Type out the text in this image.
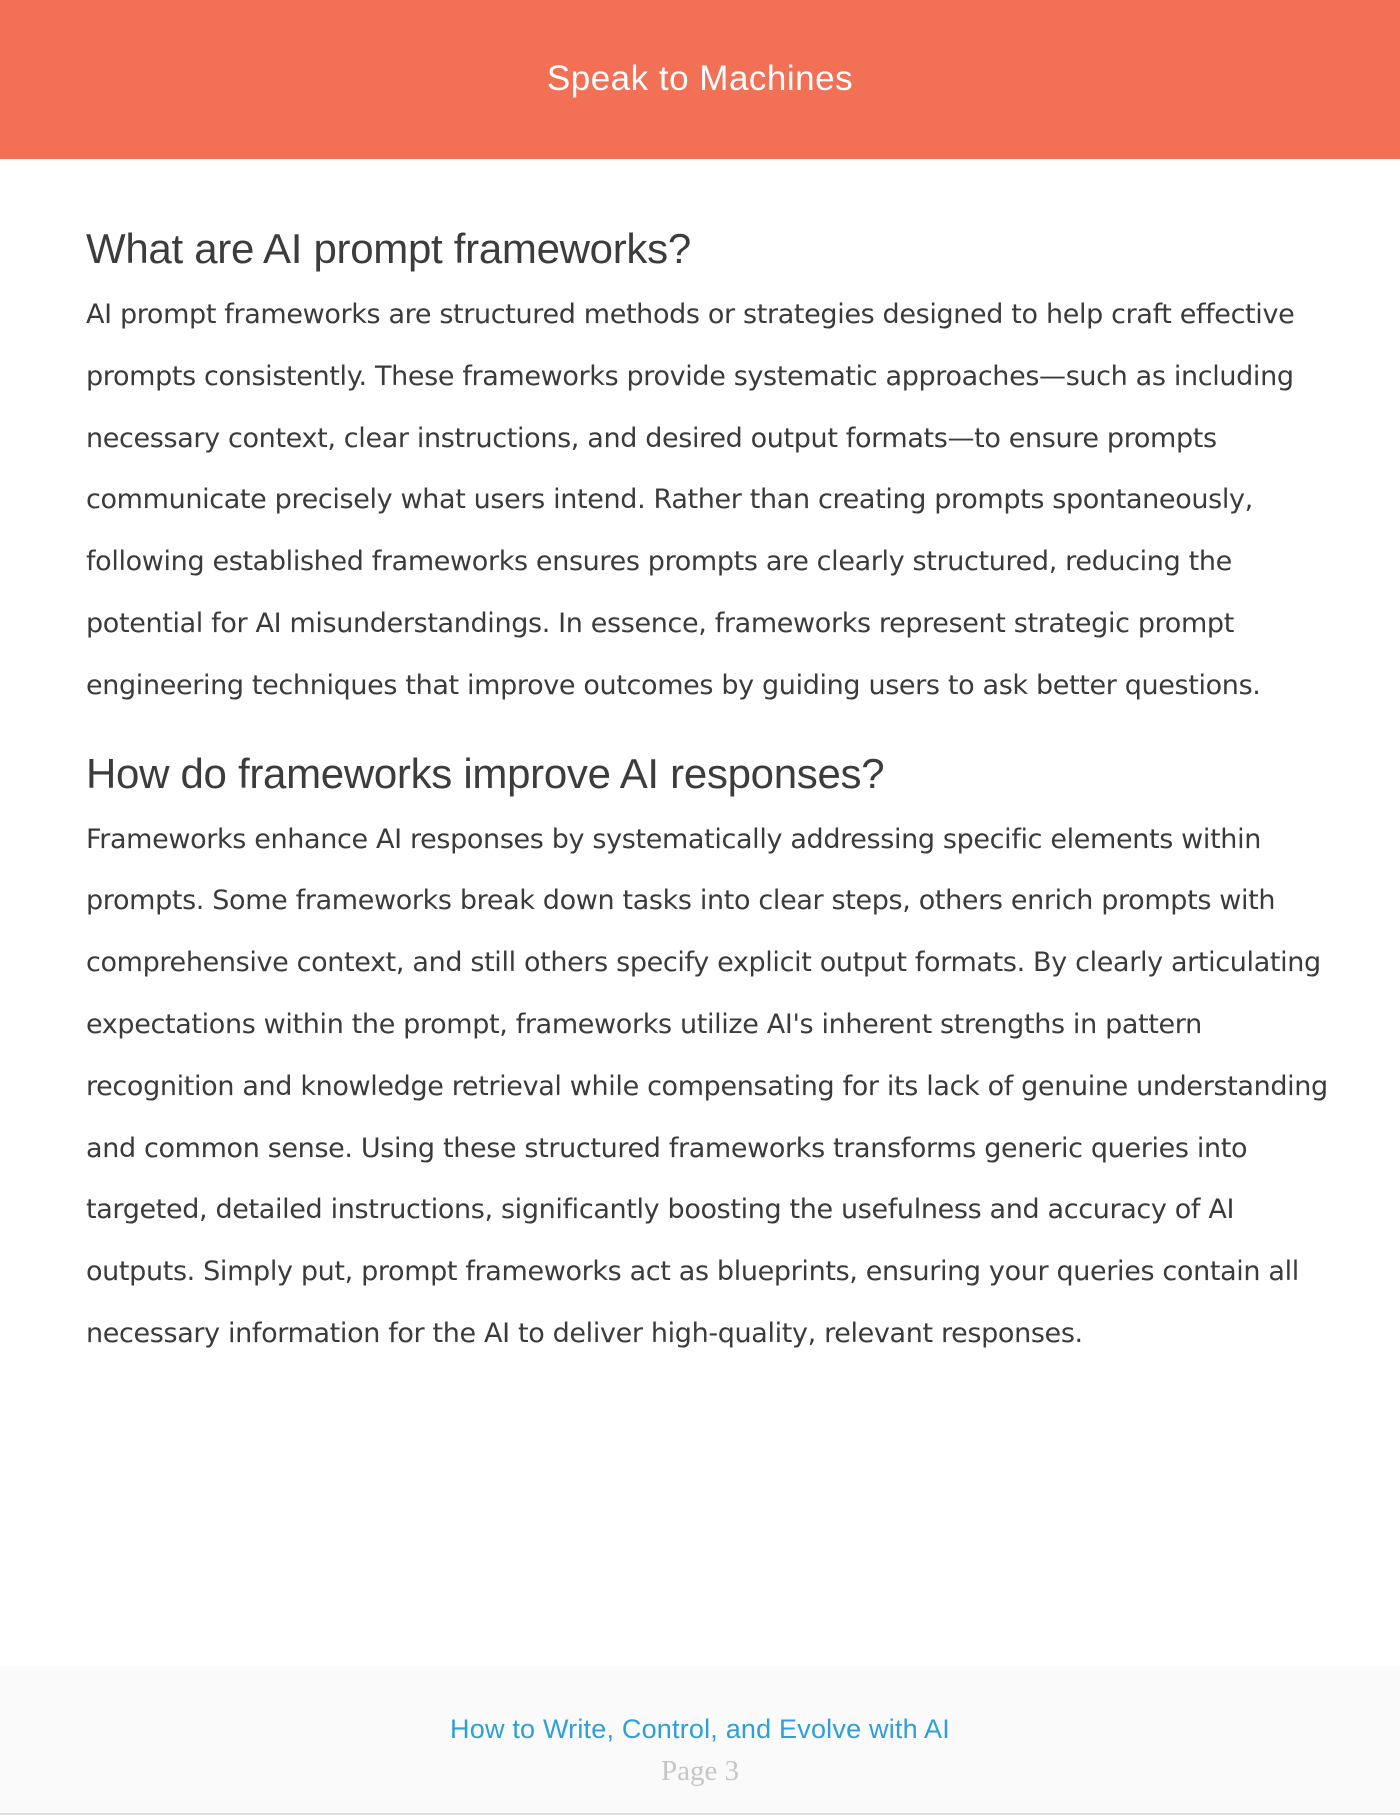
Speak to Machines
What are AI prompt frameworks?

AI prompt frameworks are structured methods or strategies designed to help craft effective prompts consistently. These frameworks provide systematic approaches—such as including necessary context, clear instructions, and desired output formats—to ensure prompts communicate precisely what users intend. Rather than creating prompts spontaneously, following established frameworks ensures prompts are clearly structured, reducing the potential for AI misunderstandings. In essence, frameworks represent strategic prompt engineering techniques that improve outcomes by guiding users to ask better questions.

How do frameworks improve AI responses?

Frameworks enhance AI responses by systematically addressing specific elements within prompts. Some frameworks break down tasks into clear steps, others enrich prompts with comprehensive context, and still others specify explicit output formats. By clearly articulating expectations within the prompt, frameworks utilize AI's inherent strengths in pattern recognition and knowledge retrieval while compensating for its lack of genuine understanding and common sense. Using these structured frameworks transforms generic queries into targeted, detailed instructions, significantly boosting the usefulness and accuracy of AI outputs. Simply put, prompt frameworks act as blueprints, ensuring your queries contain all necessary information for the AI to deliver high-quality, relevant responses.

How to Write, Control, and Evolve with AI
Page 3
